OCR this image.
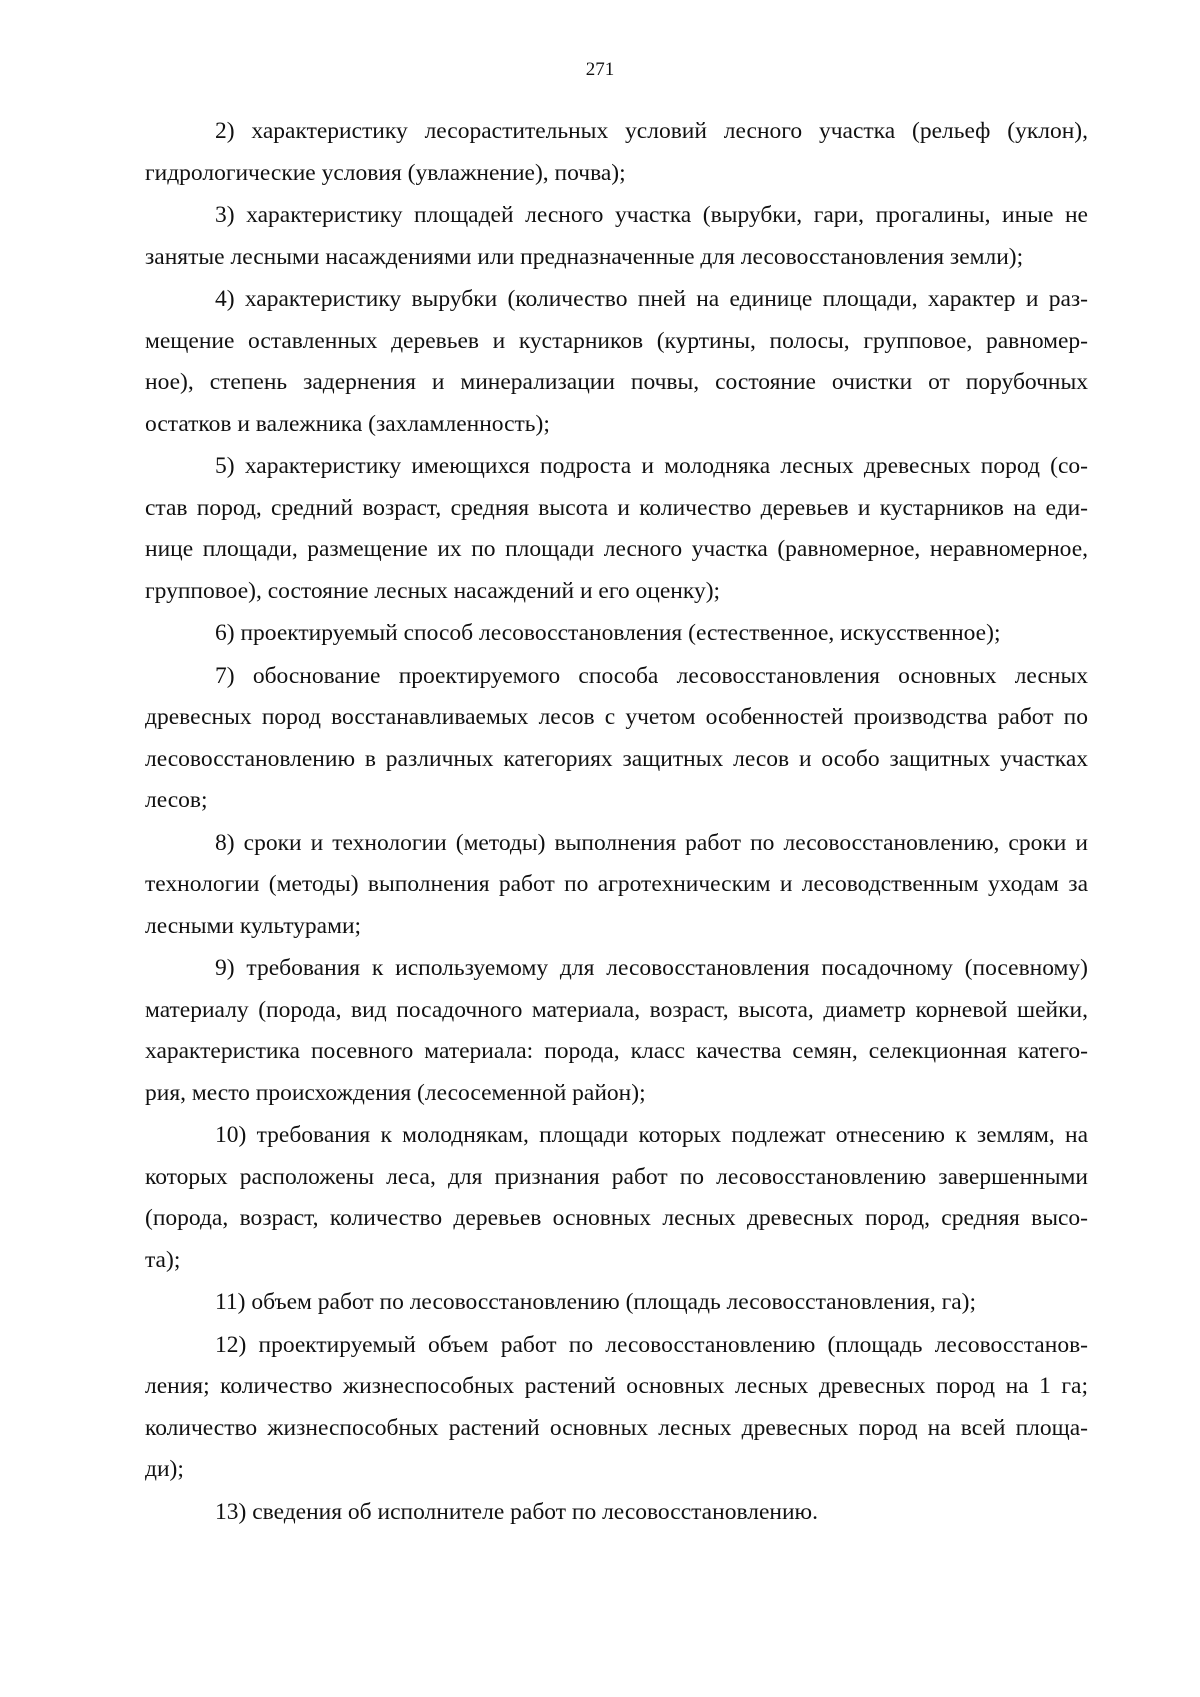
271
2) характеристику лесорастительных условий лесного участка (рельеф (уклон),
гидрологические условия (увлажнение), почва);
3) характеристику площадей лесного участка (вырубки, гари, прогалины, иные не
занятые лесными насаждениями или предназначенные для лесовосстановления земли);
4) характеристику вырубки (количество пней на единице площади, характер и раз-
мещение оставленных деревьев и кустарников (куртины, полосы, групповое, равномер-
ное), степень задернения и минерализации почвы, состояние очистки от порубочных
остатков и валежника (захламленность);
5) характеристику имеющихся подроста и молодняка лесных древесных пород (со-
став пород, средний возраст, средняя высота и количество деревьев и кустарников на еди-
нице площади, размещение их по площади лесного участка (равномерное, неравномерное,
групповое), состояние лесных насаждений и его оценку);
6) проектируемый способ лесовосстановления (естественное, искусственное);
7) обоснование проектируемого способа лесовосстановления основных лесных
древесных пород восстанавливаемых лесов с учетом особенностей производства работ по
лесовосстановлению в различных категориях защитных лесов и особо защитных участках
лесов;
8) сроки и технологии (методы) выполнения работ по лесовосстановлению, сроки и
технологии (методы) выполнения работ по агротехническим и лесоводственным уходам за
лесными культурами;
9) требования к используемому для лесовосстановления посадочному (посевному)
материалу (порода, вид посадочного материала, возраст, высота, диаметр корневой шейки,
характеристика посевного материала: порода, класс качества семян, селекционная катего-
рия, место происхождения (лесосеменной район);
10) требования к молоднякам, площади которых подлежат отнесению к землям, на
которых расположены леса, для признания работ по лесовосстановлению завершенными
(порода, возраст, количество деревьев основных лесных древесных пород, средняя высо-
та);
11) объем работ по лесовосстановлению (площадь лесовосстановления, га);
12) проектируемый объем работ по лесовосстановлению (площадь лесовосстанов-
ления; количество жизнеспособных растений основных лесных древесных пород на 1 га;
количество жизнеспособных растений основных лесных древесных пород на всей площа-
ди);
13) сведения об исполнителе работ по лесовосстановлению.
